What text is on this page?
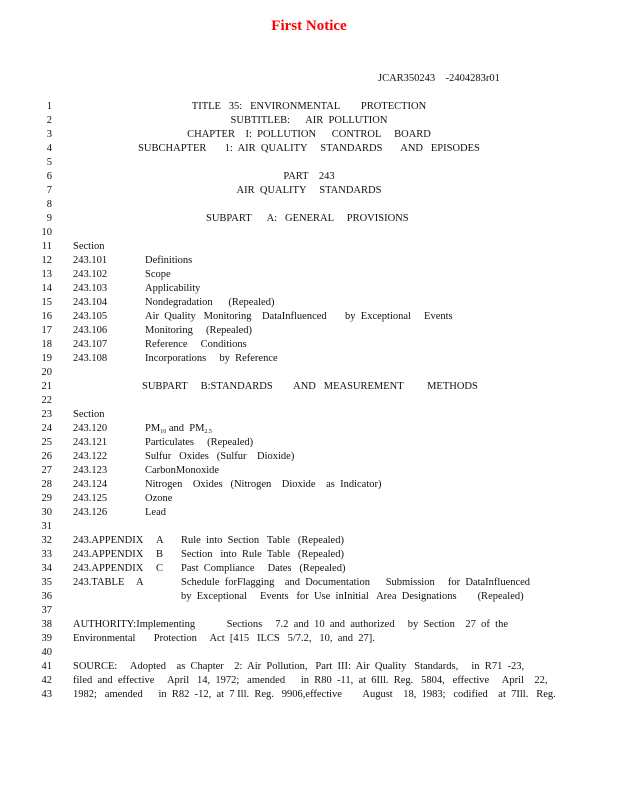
First Notice
JCAR350243    -2404283r01
1
2
3
4
5
6
7
8
9
10
11
12
13
14
15
16
17
18
19
20
21
22
23
24
25
26
27
28
29
30
31
32
33
34
35
36
37
38
39
40
41
42
43
TITLE   35:   ENVIRONMENTAL        PROTECTION
SUBTITLEB:      AIR  POLLUTION
CHAPTER    I:  POLLUTION      CONTROL     BOARD
SUBCHAPTER       1:  AIR  QUALITY     STANDARDS       AND   EPISODES
PART    243
AIR  QUALITY     STANDARDS
SUBPART      A:   GENERAL     PROVISIONS
Section
243.101	Definitions
243.102	Scope
243.103	Applicability
243.104	Nondegradation      (Repealed)
243.105	Air  Quality   Monitoring    DataInfluenced       by  Exceptional     Events
243.106	Monitoring     (Repealed)
243.107	Reference     Conditions
243.108	Incorporations     by  Reference
SUBPART     B:STANDARDS        AND   MEASUREMENT         METHODS
Section
243.120	$PM_{10}$ and  $PM_{2.5}$
243.121	Particulates     (Repealed)
243.122	Sulfur   Oxides   (Sulfur    Dioxide)
243.123	CarbonMonoxide
243.124	Nitrogen    Oxides   (Nitrogen    Dioxide    as  Indicator)
243.125	Ozone
243.126	Lead
243.APPENDIX A Rule  into  Section   Table   (Repealed)
243.APPENDIX B Section   into  Rule  Table   (Repealed)
243.APPENDIX C Past  Compliance     Dates   (Repealed)
243.TABLE A	Schedule  forFlagging    and  Documentation      Submission     for  DataInfluenced
by  Exceptional     Events   for  Use  inInitial   Area  Designations        (Repealed)
AUTHORITY:Implementing            Sections     7.2  and  10  and  authorized     by  Section    27  of  the
Environmental       Protection     Act  [415   ILCS   5/7.2,   10,  and  27].
SOURCE:     Adopted    as  Chapter    2:  Air  Pollution,   Part  III:  Air  Quality   Standards,     in  R71  -23,
filed  and  effective     April   14,  1972;   amended      in  R80  -11,  at  6Ill.  Reg.   5804,   effective     April    22,
1982;   amended      in  R82  -12,  at  7 Ill.  Reg.   9906,effective        August    18,  1983;   codified    at  7Ill.   Reg.
